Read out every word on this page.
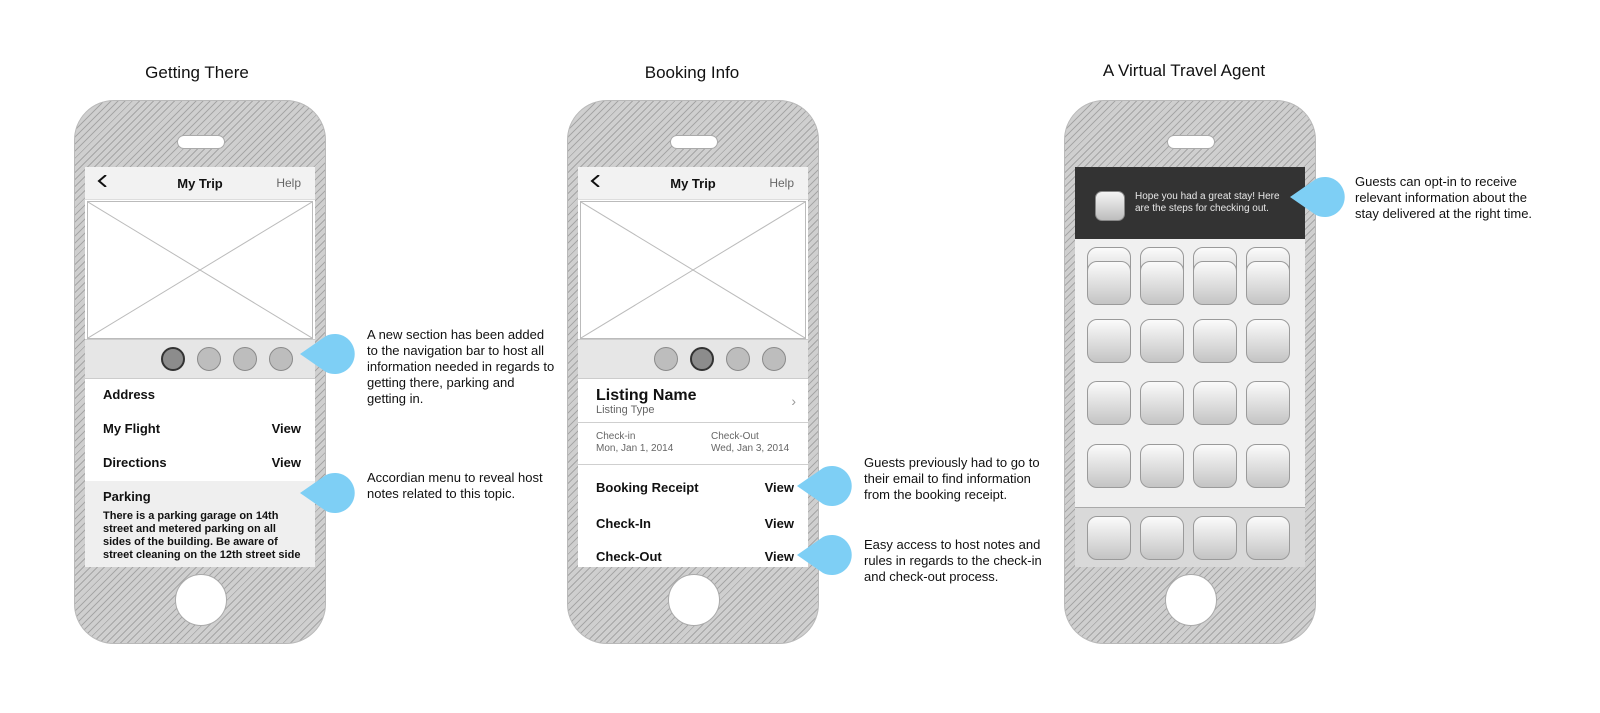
Getting There	Booking Info	A Virtual Travel Agent
My Trip	Help
Address
My Flight	View
Directions	View
Parking
There is a parking garage on 14th street and metered parking on all sides of the building. Be aware of street cleaning on the 12th street side
My Trip	Help
Listing Name
Listing Type
›
Check-in
Mon, Jan 1, 2014
Check-Out
Wed, Jan 3, 2014
Booking Receipt	View
Check-In	View
Check-Out	View
Hope you had a great stay! Here are the steps for checking out.
A new section has been added to the navigation bar to host all information needed in regards to getting there, parking and getting in.
Accordian menu to reveal host notes related to this topic.
Guests previously had to go to their email to find information from the booking receipt.
Easy access to host notes and rules in regards to the check-in and check-out process.
Guests can opt-in to receive relevant information about the stay delivered at the right time.
